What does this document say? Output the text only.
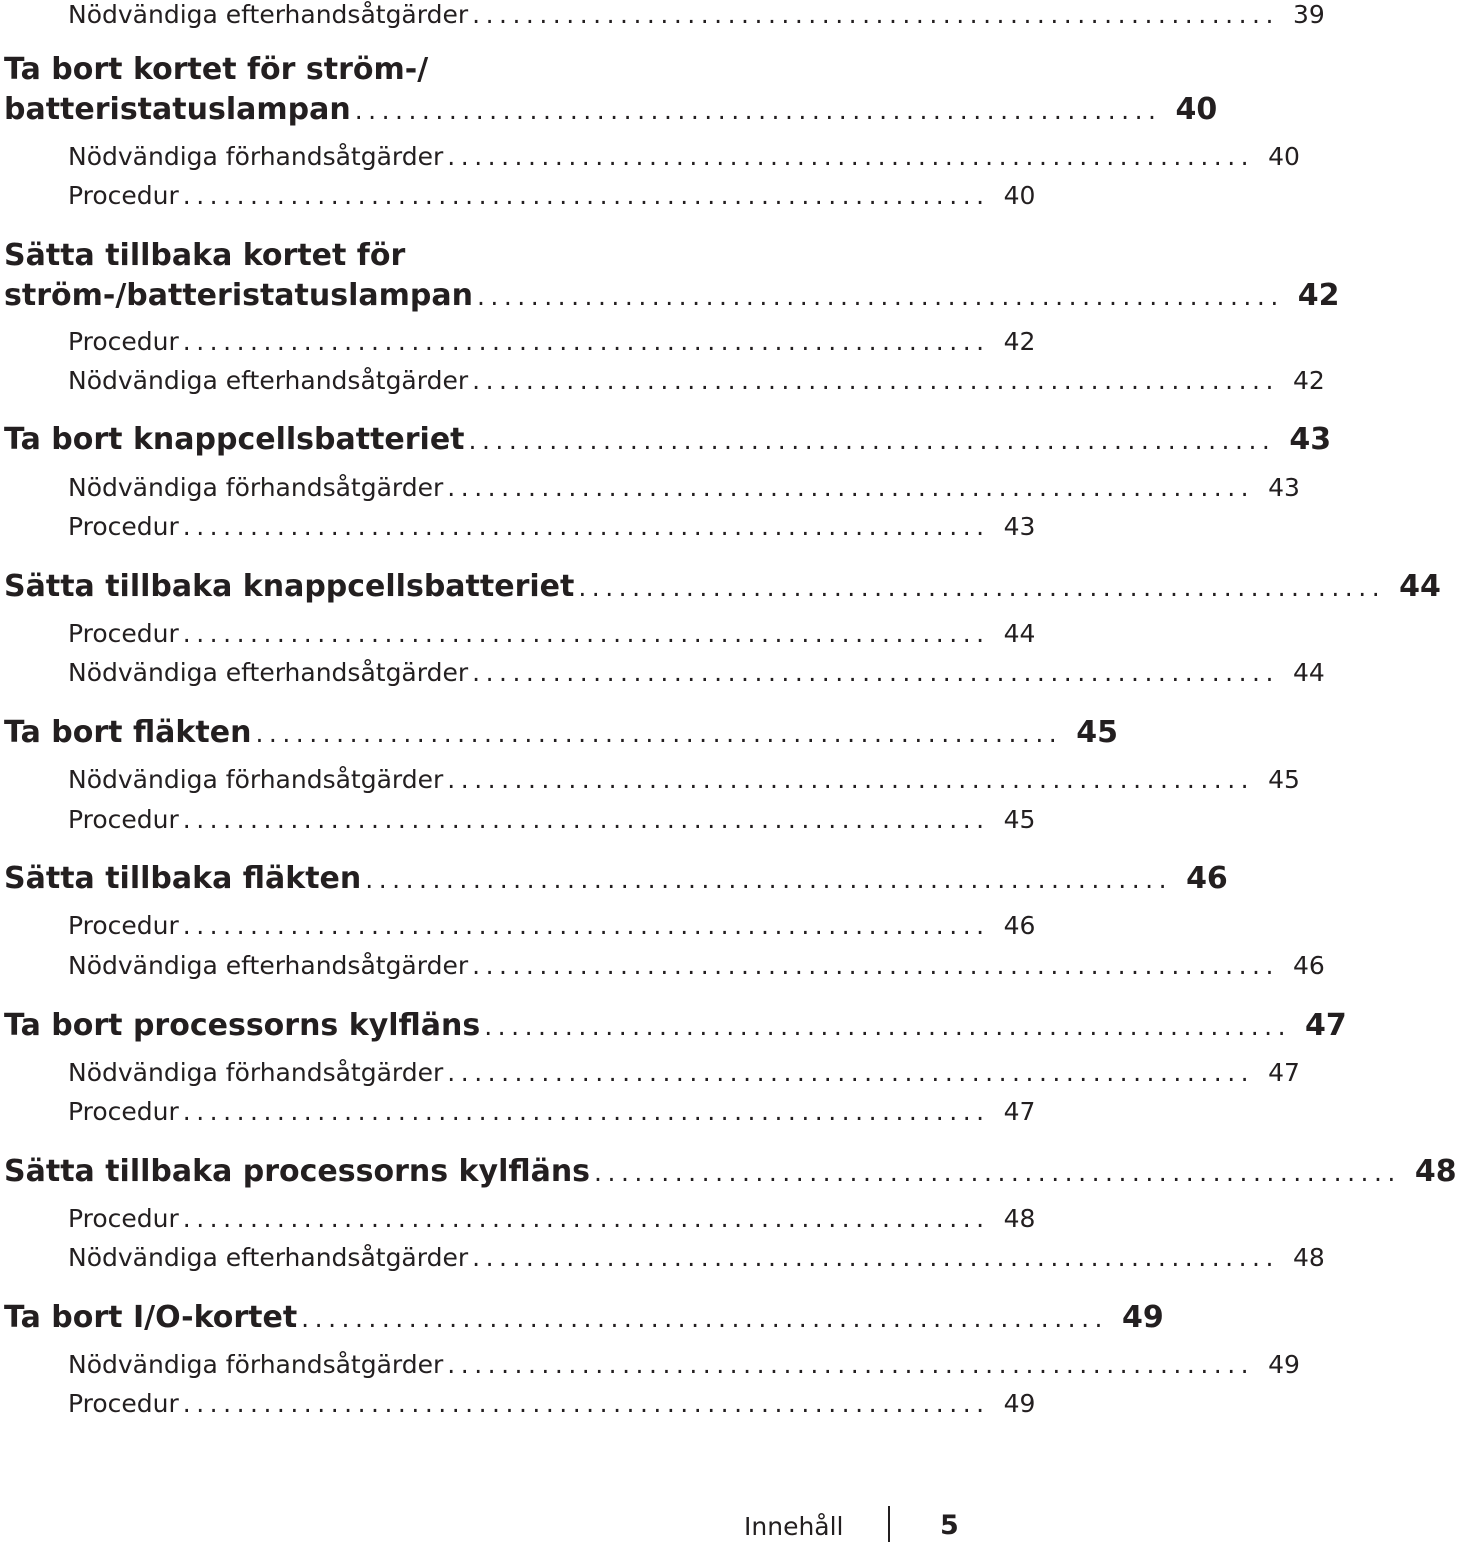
Nödvändiga efterhandsåtgärder ............................................................ 39
Ta bort kortet för ström-/
batteristatuslampan ............................................................ 40
Nödvändiga förhandsåtgärder ............................................................ 40
Procedur ............................................................ 40
Sätta tillbaka kortet för
ström-/batteristatuslampan ............................................................ 42
Procedur ............................................................ 42
Nödvändiga efterhandsåtgärder ............................................................ 42
Ta bort knappcellsbatteriet ............................................................ 43
Nödvändiga förhandsåtgärder ............................................................ 43
Procedur ............................................................ 43
Sätta tillbaka knappcellsbatteriet ............................................................ 44
Procedur ............................................................ 44
Nödvändiga efterhandsåtgärder ............................................................ 44
Ta bort fläkten ............................................................ 45
Nödvändiga förhandsåtgärder ............................................................ 45
Procedur ............................................................ 45
Sätta tillbaka fläkten ............................................................ 46
Procedur ............................................................ 46
Nödvändiga efterhandsåtgärder ............................................................ 46
Ta bort processorns kylfläns ............................................................ 47
Nödvändiga förhandsåtgärder ............................................................ 47
Procedur ............................................................ 47
Sätta tillbaka processorns kylfläns ............................................................ 48
Procedur ............................................................ 48
Nödvändiga efterhandsåtgärder ............................................................ 48
Ta bort I/O-kortet ............................................................ 49
Nödvändiga förhandsåtgärder ............................................................ 49
Procedur ............................................................ 49
Innehåll	5
